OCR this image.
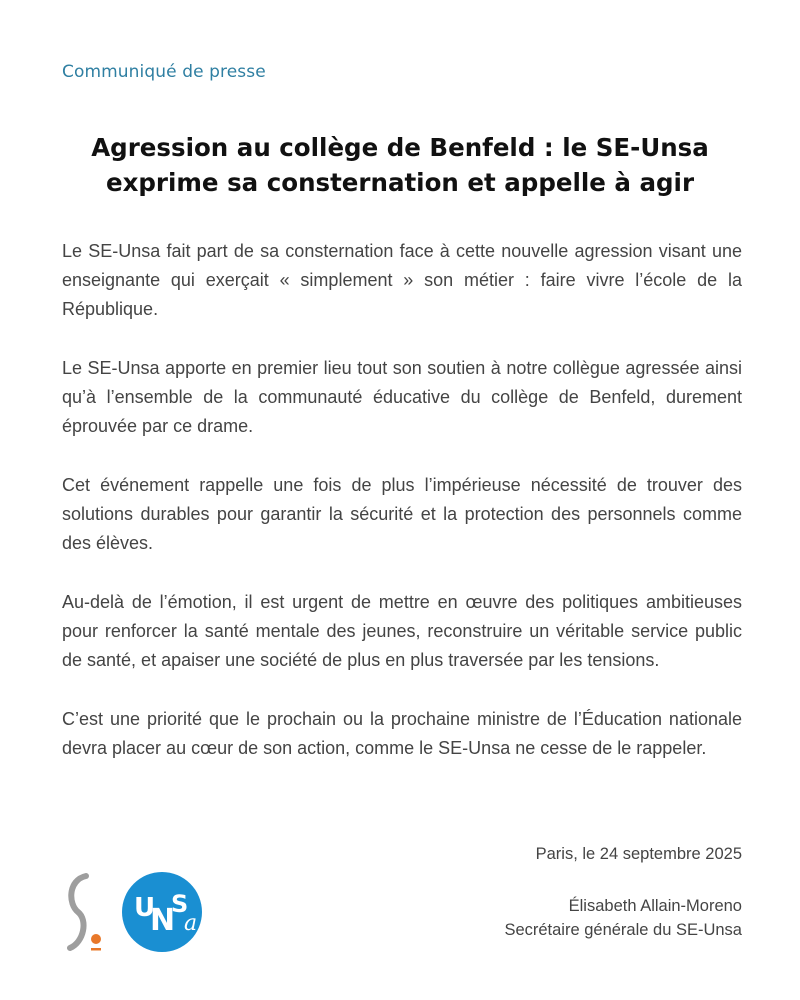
Communiqué de presse
Agression au collège de Benfeld : le SE-Unsa
exprime sa consternation et appelle à agir

Le SE-Unsa fait part de sa consternation face à cette nouvelle agression visant une enseignante qui exerçait « simplement » son métier : faire vivre l’école de la République.

Le SE-Unsa apporte en premier lieu tout son soutien à notre collègue agressée ainsi qu’à l’ensemble de la communauté éducative du collège de Benfeld, durement éprouvée par ce drame.

Cet événement rappelle une fois de plus l’impérieuse nécessité de trouver des solutions durables pour garantir la sécurité et la protection des personnels comme des élèves.

Au-delà de l’émotion, il est urgent de mettre en œuvre des politiques ambitieuses pour renforcer la santé mentale des jeunes, reconstruire un véritable service public de santé, et apaiser une société de plus en plus traversée par les tensions.

C’est une priorité que le prochain ou la prochaine ministre de l’Éducation nationale devra placer au cœur de son action, comme le SE-Unsa ne cesse de le rappeler.

Paris, le 24 septembre 2025
Élisabeth Allain-Moreno
Secrétaire générale du SE-Unsa
U
N
S
a
